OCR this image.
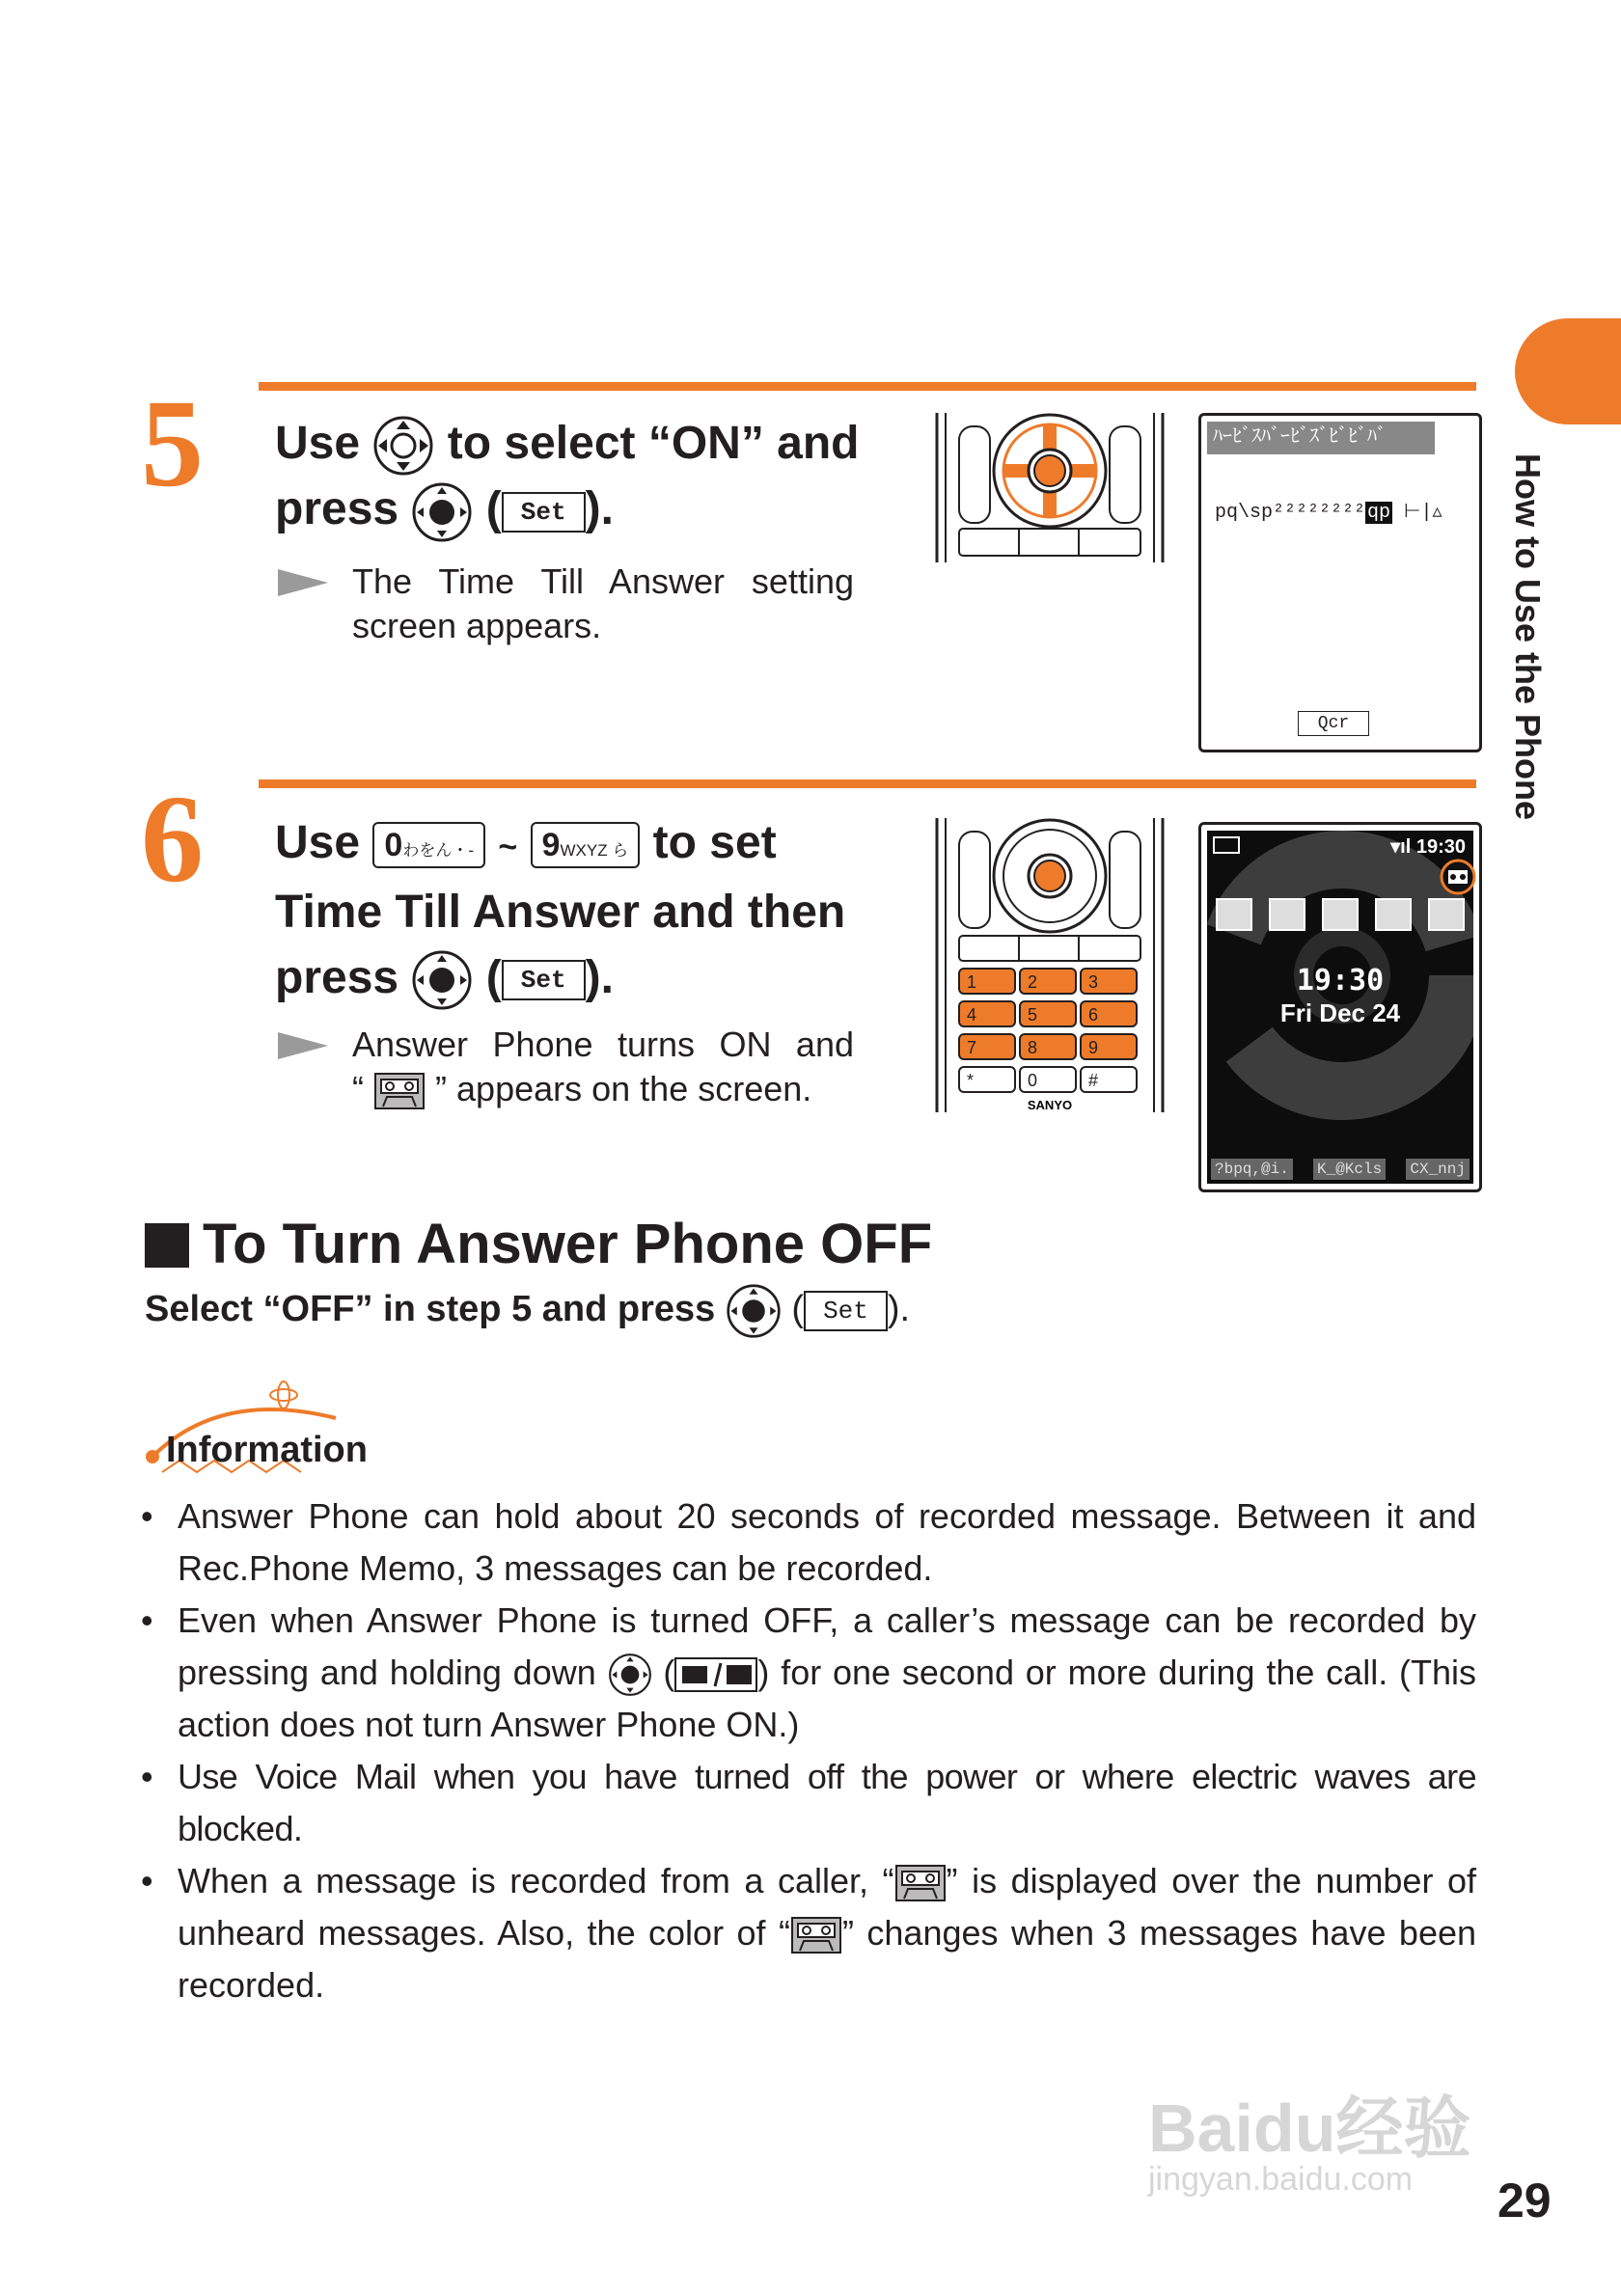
How to Use the Phone
5 Use to select “ON” and
press  ( Set ).
The Time Till Answer setting screen appears.
ﾊｰﾋﾞｽﾊﾞｰﾋﾞｽﾞﾋﾞﾋﾞﾊﾞ
pq\sp²²²²²²²² qp ⊢|▵
Qcr
6 Use 0わをん・- ~ 9WXYZ ら to set
Time Till Answer and then
press  ( Set ).
Answer Phone turns ON and
“ ” appears on the screen.
1	2	3
4	5	6
7	8	9
*	0	#
SANYO
▾ıl 19:30
19:30
Fri Dec 24
?bpq,@i. K_@Kcls CX_nnj
To Turn Answer Phone OFF
Select “OFF” in step 5 and press ( Set ).
Information
• Answer Phone can hold about 20 seconds of recorded message. Between it and Rec.Phone Memo, 3 messages can be recorded.
• Even when Answer Phone is turned OFF, a caller’s message can be recorded by pressing and holding down  ( ) for one second or more during the call. (This action does not turn Answer Phone ON.)
• Use Voice Mail when you have turned off the power or where electric waves are blocked.
• When a message is recorded from a caller, “ ” is displayed over the number of unheard messages. Also, the color of “ ” changes when 3 messages have been recorded.
Baidu经验
jingyan.baidu.com 29
